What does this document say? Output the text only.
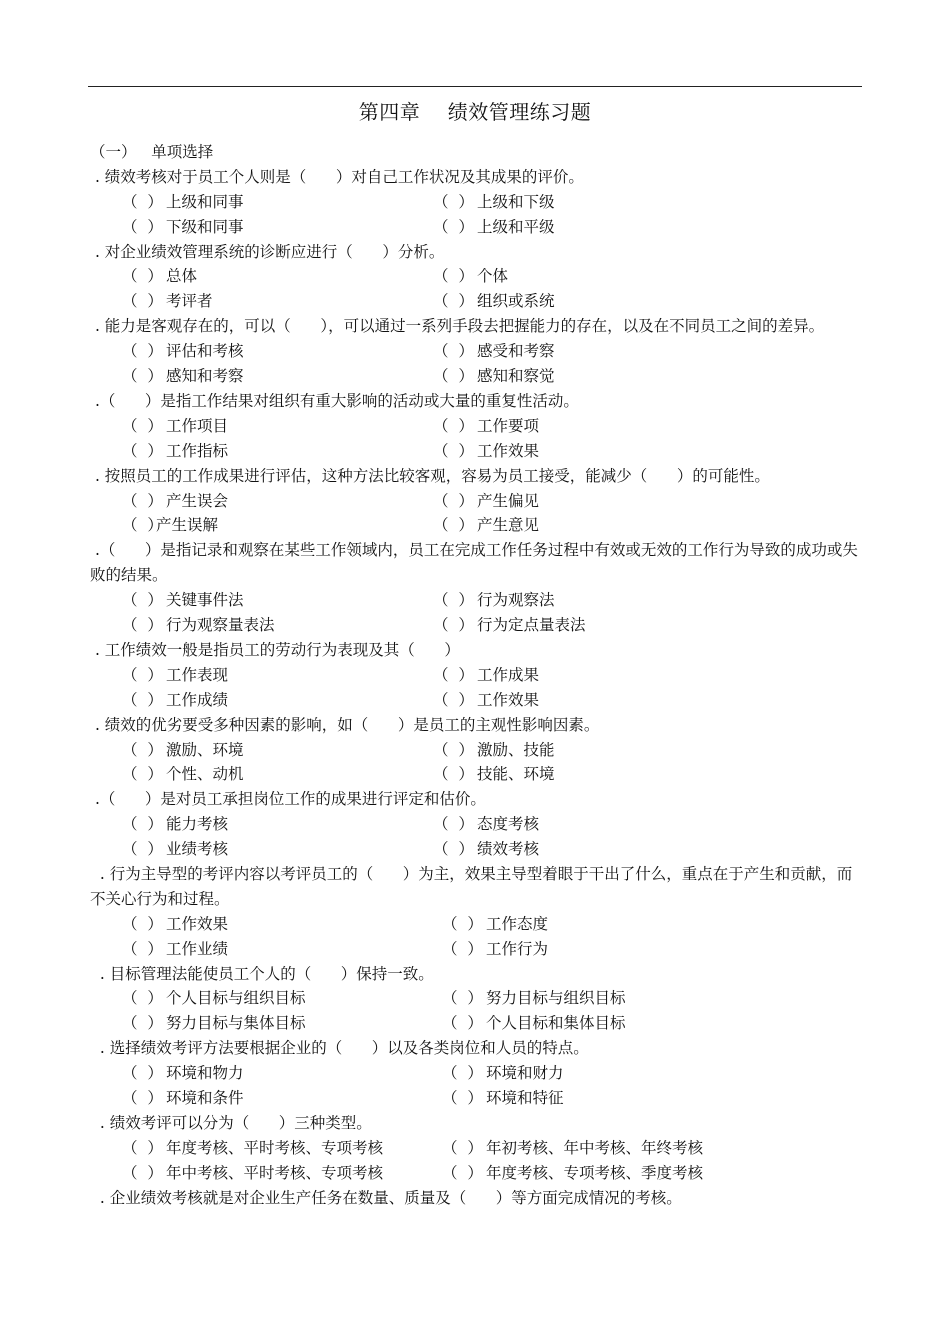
第四章    绩效管理练习题
（一）   单项选择
. 绩效考核对于员工个人则是（      ）对自己工作状况及其成果的评价。
（  ） 上级和同事	（  ） 上级和下级
（  ） 下级和同事	（  ） 上级和平级
. 对企业绩效管理系统的诊断应进行（      ）分析。
（  ） 总体	（  ） 个体
（  ） 考评者	（  ） 组织或系统
. 能力是客观存在的，可以（      ），可以通过一系列手段去把握能力的存在，以及在不同员工之间的差异。
（  ） 评估和考核	（  ） 感受和考察
（  ） 感知和考察	（  ） 感知和察觉
.（      ）是指工作结果对组织有重大影响的活动或大量的重复性活动。
（  ） 工作项目	（  ） 工作要项
（  ） 工作指标	（  ） 工作效果
. 按照员工的工作成果进行评估，这种方法比较客观，容易为员工接受，能减少（      ）的可能性。
（  ） 产生误会	（  ） 产生偏见
（  ）产生误解	（  ） 产生意见
.（      ）是指记录和观察在某些工作领域内，员工在完成工作任务过程中有效或无效的工作行为导致的成功或失败的结果。
（  ） 关键事件法	（  ） 行为观察法
（  ） 行为观察量表法	（  ） 行为定点量表法
. 工作绩效一般是指员工的劳动行为表现及其（      ）
（  ） 工作表现	（  ） 工作成果
（  ） 工作成绩	（  ） 工作效果
. 绩效的优劣要受多种因素的影响，如（      ）是员工的主观性影响因素。
（  ） 激励、环境	（  ） 激励、技能
（  ） 个性、动机	（  ） 技能、环境
.（      ）是对员工承担岗位工作的成果进行评定和估价。
（  ） 能力考核	（  ） 态度考核
（  ） 业绩考核	（  ） 绩效考核
. 行为主导型的考评内容以考评员工的（      ）为主，效果主导型着眼于干出了什么，重点在于产生和贡献，而不关心行为和过程。
（  ） 工作效果	（  ） 工作态度
（  ） 工作业绩	（  ） 工作行为
. 目标管理法能使员工个人的（      ）保持一致。
（  ） 个人目标与组织目标	（  ） 努力目标与组织目标
（  ） 努力目标与集体目标	（  ） 个人目标和集体目标
. 选择绩效考评方法要根据企业的（      ）以及各类岗位和人员的特点。
（  ） 环境和物力	（  ） 环境和财力
（  ） 环境和条件	（  ） 环境和特征
. 绩效考评可以分为（      ）三种类型。
（  ） 年度考核、平时考核、专项考核	（  ） 年初考核、年中考核、年终考核
（  ） 年中考核、平时考核、专项考核	（  ） 年度考核、专项考核、季度考核
. 企业绩效考核就是对企业生产任务在数量、质量及（      ）等方面完成情况的考核。
